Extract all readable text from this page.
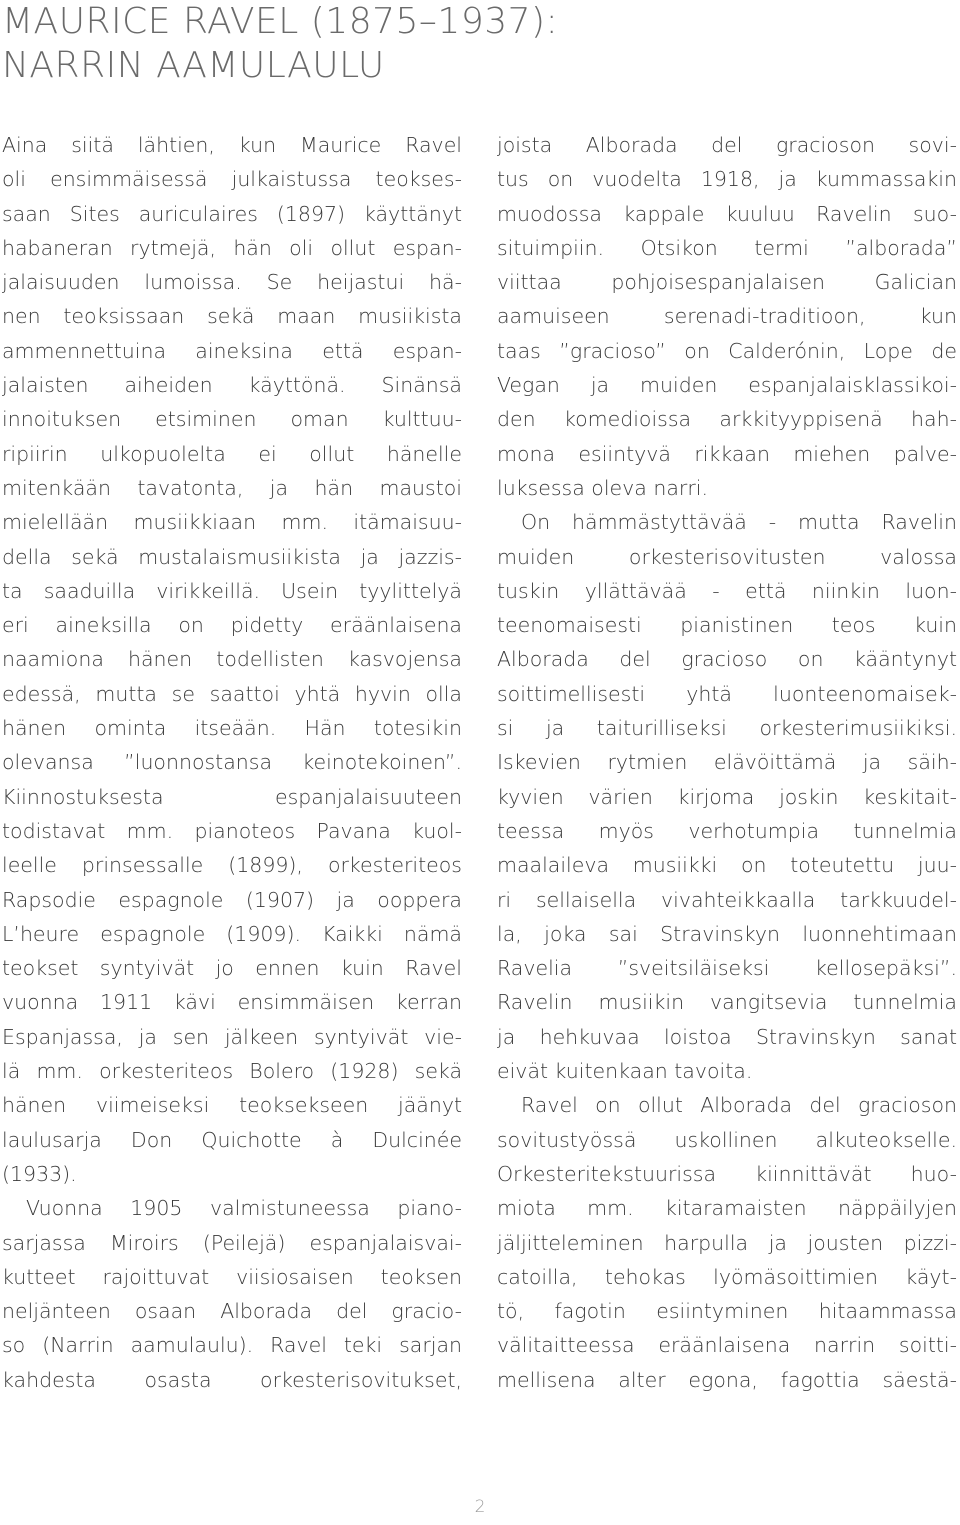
MAURICE RAVEL (1875–1937):
NARRIN AAMULAULU

Aina siitä lähtien, kun Maurice Ravel
oli ensimmäisessä julkaistussa teokses-
saan Sites auriculaires (1897) käyttänyt
habaneran rytmejä, hän oli ollut espan-
jalaisuuden lumoissa. Se heijastui hä-
nen teoksissaan sekä maan musiikista
ammennettuina aineksina että espan-
jalaisten aiheiden käyttönä. Sinänsä
innoituksen etsiminen oman kulttuu-
ripiirin ulkopuolelta ei ollut hänelle
mitenkään tavatonta, ja hän maustoi
mielellään musiikkiaan mm. itämaisuu-
della sekä mustalaismusiikista ja jazzis-
ta saaduilla virikkeillä. Usein tyylittelyä
eri aineksilla on pidetty eräänlaisena
naamiona hänen todellisten kasvojensa
edessä, mutta se saattoi yhtä hyvin olla
hänen ominta itseään. Hän totesikin
olevansa ”luonnostansa keinotekoinen”.
Kiinnostuksesta espanjalaisuuteen
todistavat mm. pianoteos Pavana kuol-
leelle prinsessalle (1899), orkesteriteos
Rapsodie espagnole (1907) ja ooppera
L’heure espagnole (1909). Kaikki nämä
teokset syntyivät jo ennen kuin Ravel
vuonna 1911 kävi ensimmäisen kerran
Espanjassa, ja sen jälkeen syntyivät vie-
lä mm. orkesteriteos Bolero (1928) sekä
hänen viimeiseksi teoksekseen jäänyt
laulusarja Don Quichotte à Dulcinée
(1933).

Vuonna 1905 valmistuneessa piano-
sarjassa Miroirs (Peilejä) espanjalaisvai-
kutteet rajoittuvat viisiosaisen teoksen
neljänteen osaan Alborada del gracio-
so (Narrin aamulaulu). Ravel teki sarjan
kahdesta osasta orkesterisovitukset,

joista Alborada del gracioson sovi-
tus on vuodelta 1918, ja kummassakin
muodossa kappale kuuluu Ravelin suo-
situimpiin. Otsikon termi ”alborada”
viittaa pohjoisespanjalaisen Galician
aamuiseen serenadi-traditioon, kun
taas ”gracioso” on Calderónin, Lope de
Vegan ja muiden espanjalaisklassikoi-
den komedioissa arkkityyppisenä hah-
mona esiintyvä rikkaan miehen palve-
luksessa oleva narri.

On hämmästyttävää - mutta Ravelin
muiden orkesterisovitusten valossa
tuskin yllättävää - että niinkin luon-
teenomaisesti pianistinen teos kuin
Alborada del gracioso on kääntynyt
soittimellisesti yhtä luonteenomaisek-
si ja taiturilliseksi orkesterimusiikiksi.
Iskevien rytmien elävöittämä ja säih-
kyvien värien kirjoma joskin keskitait-
teessa myös verhotumpia tunnelmia
maalaileva musiikki on toteutettu juu-
ri sellaisella vivahteikkaalla tarkkuudel-
la, joka sai Stravinskyn luonnehtimaan
Ravelia ”sveitsiläiseksi kellosepäksi”.
Ravelin musiikin vangitsevia tunnelmia
ja hehkuvaa loistoa Stravinskyn sanat
eivät kuitenkaan tavoita.

Ravel on ollut Alborada del gracioson
sovitustyössä uskollinen alkuteokselle.
Orkesteritekstuurissa kiinnittävät huo-
miota mm. kitaramaisten näppäilyjen
jäljitteleminen harpulla ja jousten pizzi-
catoilla, tehokas lyömäsoittimien käyt-
tö, fagotin esiintyminen hitaammassa
välitaitteessa eräänlaisena narrin soitti-
mellisena alter egona, fagottia säestä-

2
